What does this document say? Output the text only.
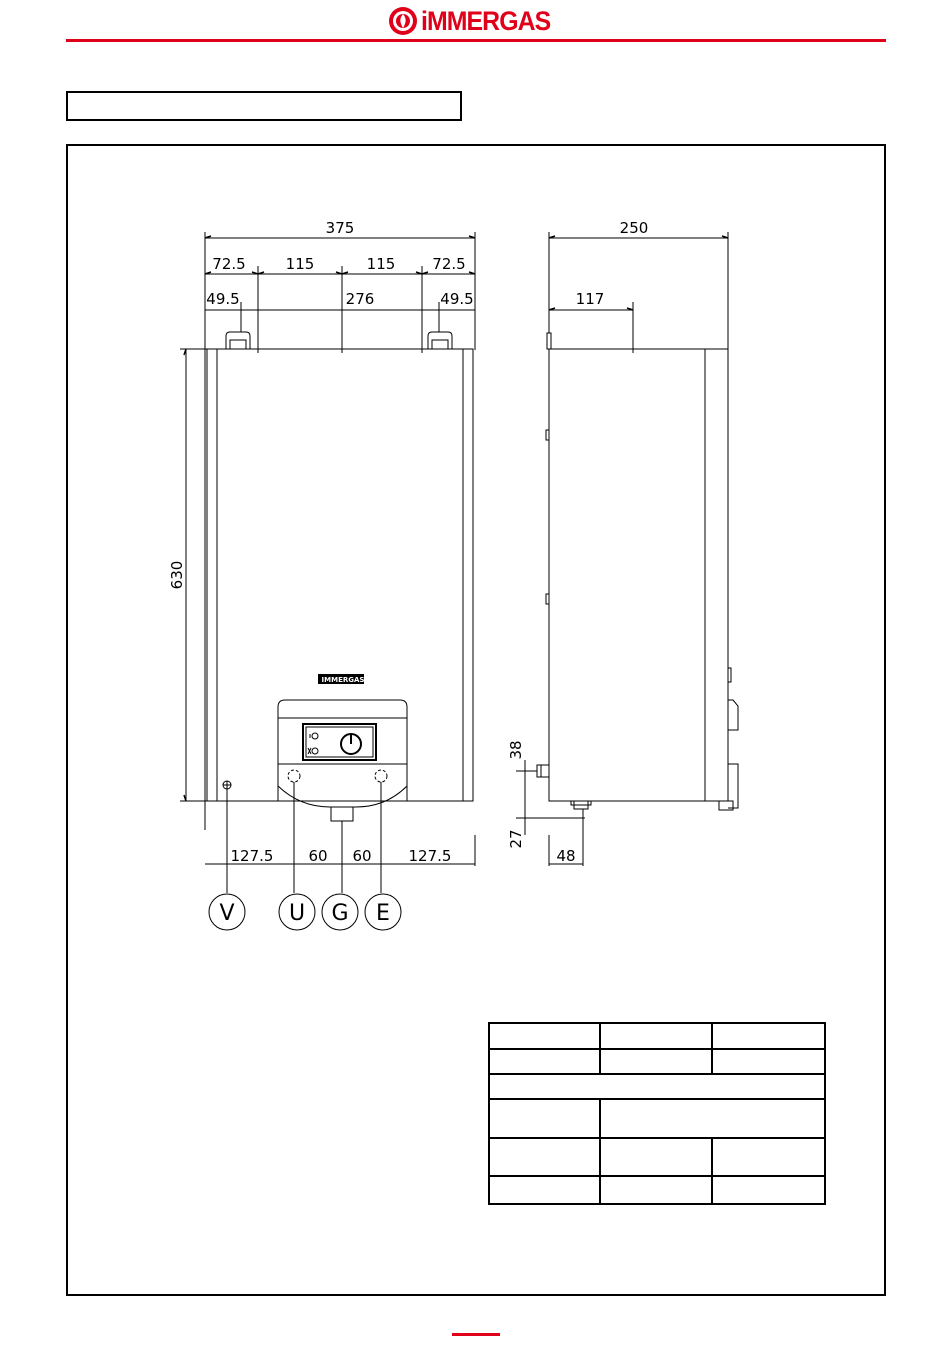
iMMERGAS
375
72.5	115	115 72.5
49.5	276	49.5
630
127.5 60 60 127.5
250
117
38
27
48
IMMERGAS
V U G E
